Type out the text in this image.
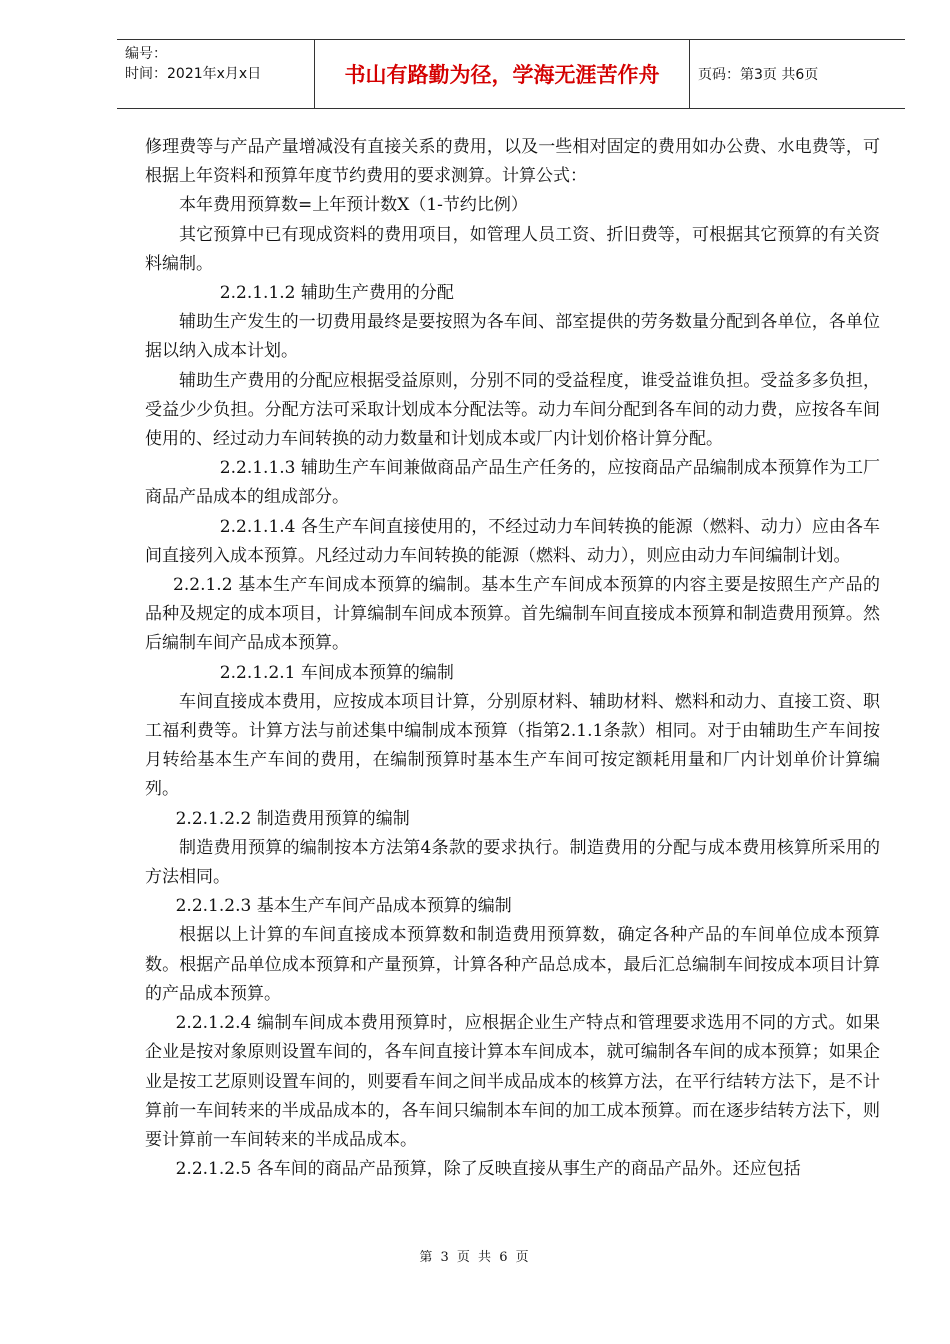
编号：
时间：2021年x月x日	书山有路勤为径，学海无涯苦作舟	页码：第3页 共6页

修理费等与产品产量增减没有直接关系的费用，以及一些相对固定的费用如办公费、水电费等，可根据上年资料和预算年度节约费用的要求测算。计算公式：

本年费用预算数=上年预计数X（1-节约比例）

其它预算中已有现成资料的费用项目，如管理人员工资、折旧费等，可根据其它预算的有关资料编制。

2.2.1.1.2 辅助生产费用的分配

辅助生产发生的一切费用最终是要按照为各车间、部室提供的劳务数量分配到各单位，各单位据以纳入成本计划。

辅助生产费用的分配应根据受益原则，分别不同的受益程度，谁受益谁负担。受益多多负担，受益少少负担。分配方法可采取计划成本分配法等。动力车间分配到各车间的动力费，应按各车间使用的、经过动力车间转换的动力数量和计划成本或厂内计划价格计算分配。

2.2.1.1.3 辅助生产车间兼做商品产品生产任务的，应按商品产品编制成本预算作为工厂商品产品成本的组成部分。

2.2.1.1.4 各生产车间直接使用的，不经过动力车间转换的能源（燃料、动力）应由各车间直接列入成本预算。凡经过动力车间转换的能源（燃料、动力），则应由动力车间编制计划。

2.2.1.2 基本生产车间成本预算的编制。基本生产车间成本预算的内容主要是按照生产产品的品种及规定的成本项目，计算编制车间成本预算。首先编制车间直接成本预算和制造费用预算。然后编制车间产品成本预算。

2.2.1.2.1 车间成本预算的编制

车间直接成本费用，应按成本项目计算，分别原材料、辅助材料、燃料和动力、直接工资、职工福利费等。计算方法与前述集中编制成本预算（指第2.1.1条款）相同。对于由辅助生产车间按月转给基本生产车间的费用，在编制预算时基本生产车间可按定额耗用量和厂内计划单价计算编列。

2.2.1.2.2 制造费用预算的编制

制造费用预算的编制按本方法第4条款的要求执行。制造费用的分配与成本费用核算所采用的方法相同。

2.2.1.2.3 基本生产车间产品成本预算的编制

根据以上计算的车间直接成本预算数和制造费用预算数，确定各种产品的车间单位成本预算数。根据产品单位成本预算和产量预算，计算各种产品总成本，最后汇总编制车间按成本项目计算的产品成本预算。

2.2.1.2.4 编制车间成本费用预算时，应根据企业生产特点和管理要求选用不同的方式。如果企业是按对象原则设置车间的，各车间直接计算本车间成本，就可编制各车间的成本预算；如果企业是按工艺原则设置车间的，则要看车间之间半成品成本的核算方法，在平行结转方法下，是不计算前一车间转来的半成品成本的，各车间只编制本车间的加工成本预算。而在逐步结转方法下，则要计算前一车间转来的半成品成本。

2.2.1.2.5 各车间的商品产品预算，除了反映直接从事生产的商品产品外。还应包括

第 3 页 共 6 页
